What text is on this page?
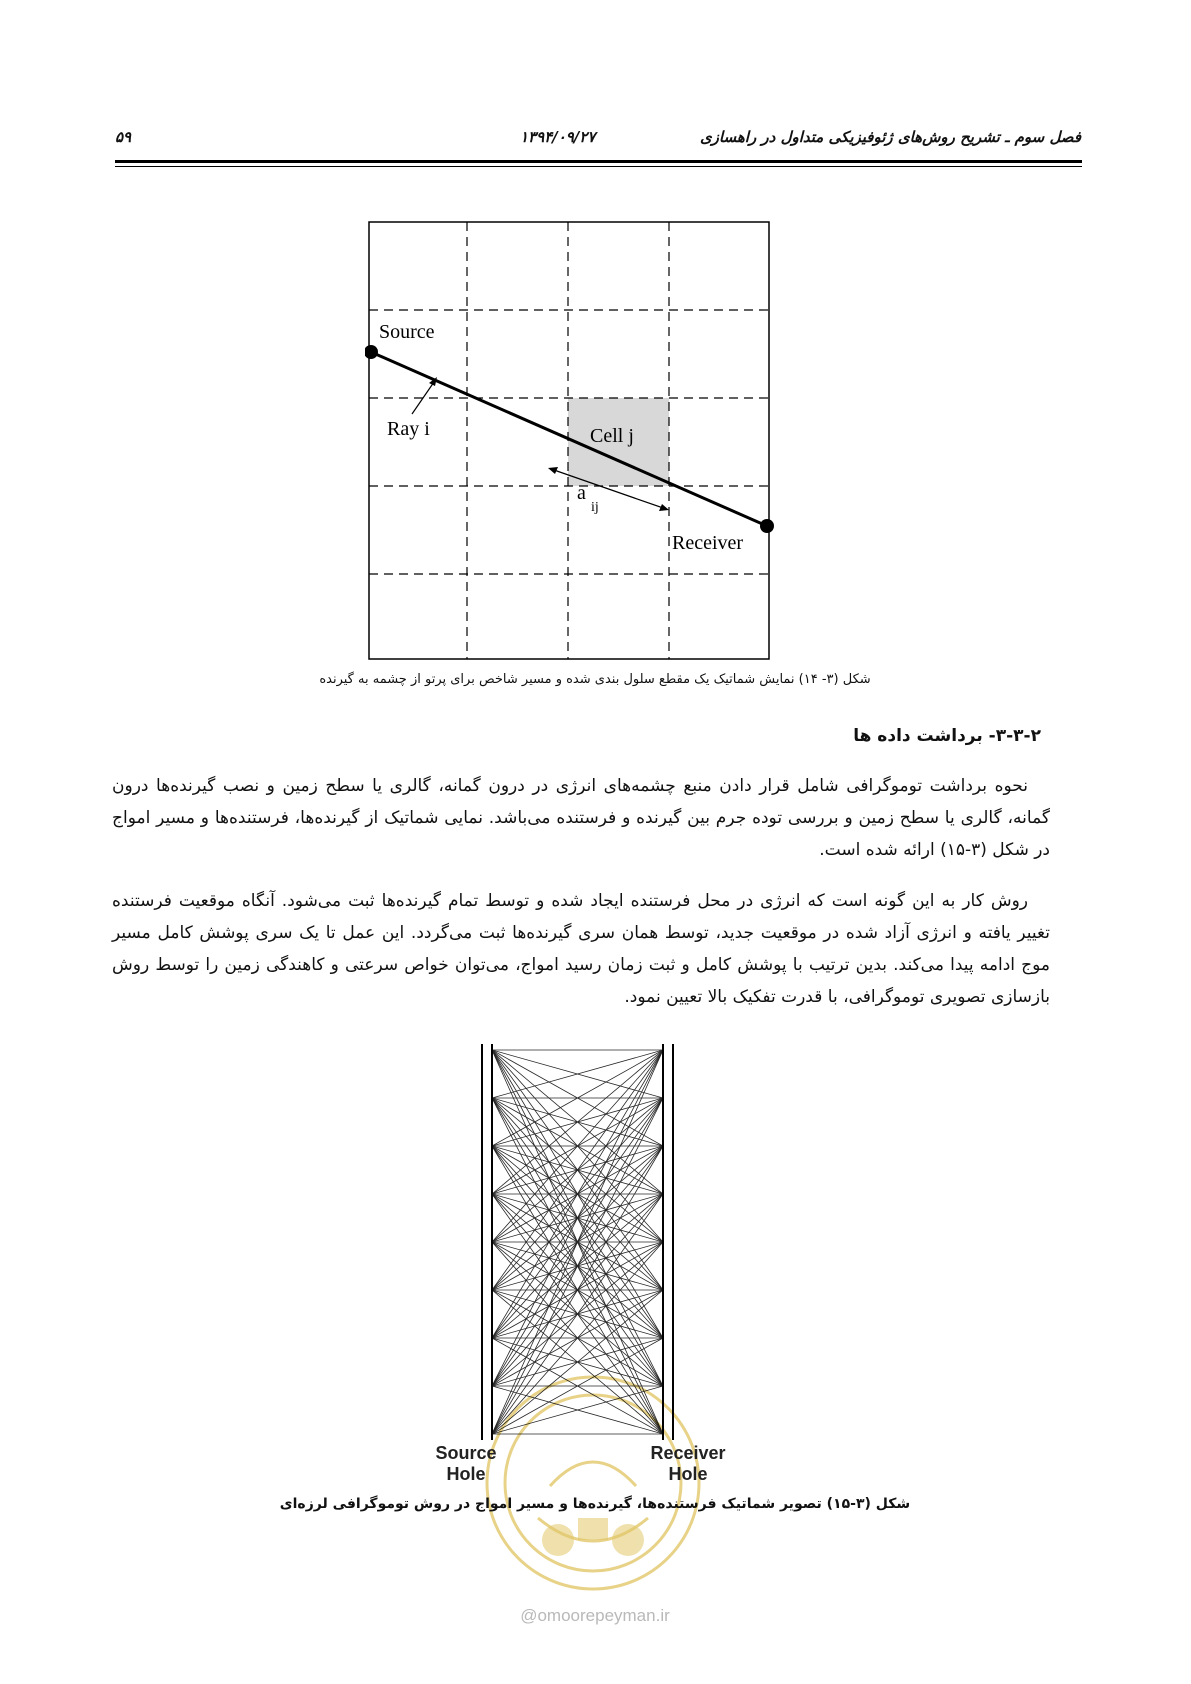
۵۹	۱۳۹۴/۰۹/۲۷	فصل سوم ـ تشریح روش‌های ژئوفیزیکی متداول در راهسازی
Source
Ray i	Cell j
a
ij
Receiver
شکل (۳- ۱۴) نمایش شماتیک یک مقطع سلول بندی شده و مسیر شاخص برای پرتو از چشمه به گیرنده
۳-۳-۲- برداشت داده ها

نحوه برداشت توموگرافی شامل قرار دادن منبع چشمه‌های انرژی در درون گمانه، گالری یا سطح زمین و نصب گیرنده‌ها درون گمانه، گالری یا سطح زمین و بررسی توده جرم بین گیرنده و فرستنده می‌باشد. نمایی شماتیک از گیرنده‌ها، فرستنده‌ها و مسیر امواج در شکل (۳-۱۵) ارائه شده است.

روش کار به این گونه است که انرژی در محل فرستنده ایجاد شده و توسط تمام گیرنده‌ها ثبت می‌شود. آنگاه موقعیت فرستنده تغییر یافته و انرژی آزاد شده در موقعیت جدید، توسط همان سری گیرنده‌ها ثبت می‌گردد. این عمل تا یک سری پوشش کامل مسیر موج ادامه پیدا می‌کند. بدین ترتیب با پوشش کامل و ثبت زمان رسید امواج، می‌توان خواص سرعتی و کاهندگی زمین را توسط روش بازسازی تصویری توموگرافی، با قدرت تفکیک بالا تعیین نمود.

Source
Hole
Receiver
Hole
شکل (۳-۱۵) تصویر شماتیک فرستنده‌ها، گیرنده‌ها و مسیر امواج در روش توموگرافی لرزه‌ای
@omoorepeyman.ir
